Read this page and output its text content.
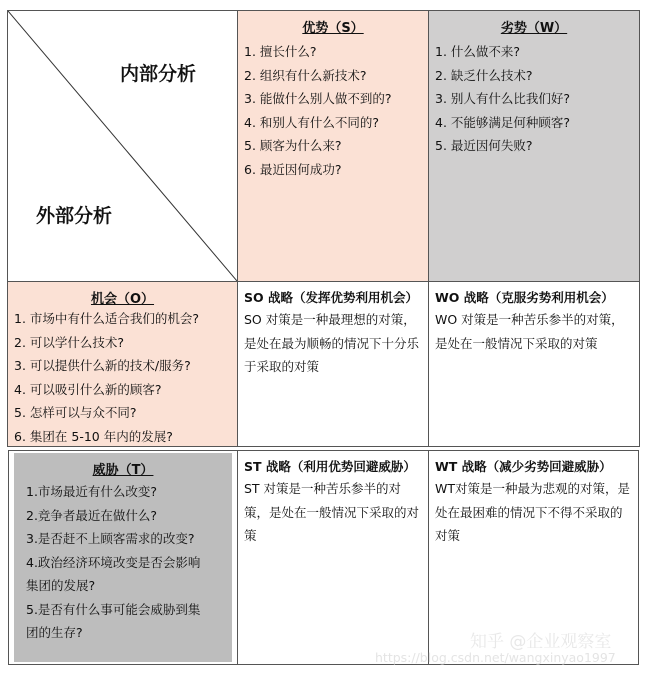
内部分析
外部分析
优势（S）
1. 擅长什么?
2. 组织有什么新技术?
3. 能做什么别人做不到的?
4. 和别人有什么不同的?
5. 顾客为什么来?
6. 最近因何成功?
劣势（W）
1. 什么做不来?
2. 缺乏什么技术?
3. 别人有什么比我们好?
4. 不能够满足何种顾客?
5. 最近因何失败?
机会（O）
1. 市场中有什么适合我们的机会?
2. 可以学什么技术?
3. 可以提供什么新的技术/服务?
4. 可以吸引什么新的顾客?
5. 怎样可以与众不同?
6. 集团在 5-10 年内的发展?
SO 战略（发挥优势利用机会）
SO 对策是一种最理想的对策，是处在最为顺畅的情况下十分乐于采取的对策
WO 战略（克服劣势利用机会）
WO 对策是一种苦乐参半的对策，是处在一般情况下采取的对策
威胁（T）
1.市场最近有什么改变?
2.竞争者最近在做什么?
3.是否赶不上顾客需求的改变?
4.政治经济环境改变是否会影响
集团的发展?
5.是否有什么事可能会威胁到集
团的生存?
ST 战略（利用优势回避威胁）
ST 对策是一种苦乐参半的对策，是处在一般情况下采取的对策
WT 战略（减少劣势回避威胁）
WT对策是一种最为悲观的对策，是处在最困难的情况下不得不采取的对策
知乎 @企业观察室
https://blog.csdn.net/wangxinyao1997
